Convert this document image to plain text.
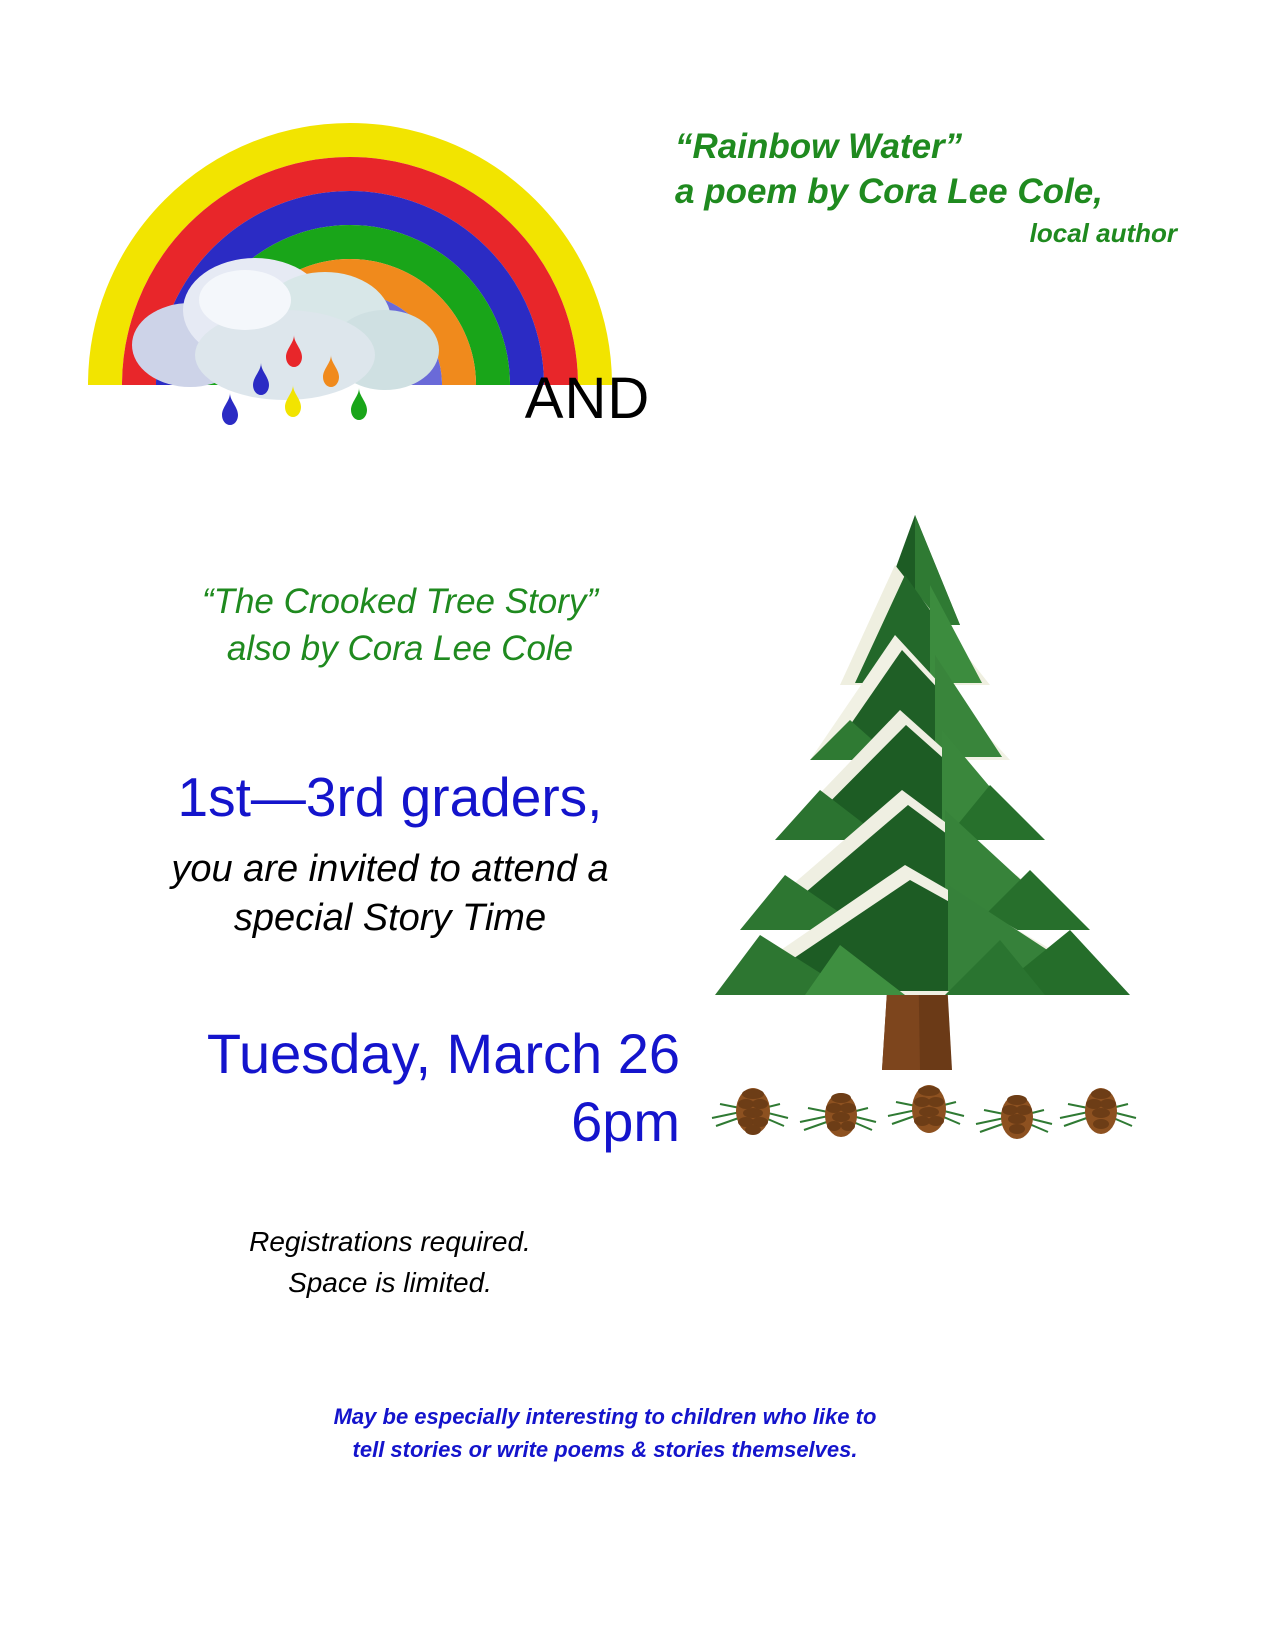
“Rainbow Water”
a poem by Cora Lee Cole,
local author
AND
“The Crooked Tree Story”
also by Cora Lee Cole
1st—3rd graders,
you are invited to attend a
special Story Time
Tuesday, March 26
6pm
Registrations required.
Space is limited.
May be especially interesting to children who like to
tell stories or write poems & stories themselves.
